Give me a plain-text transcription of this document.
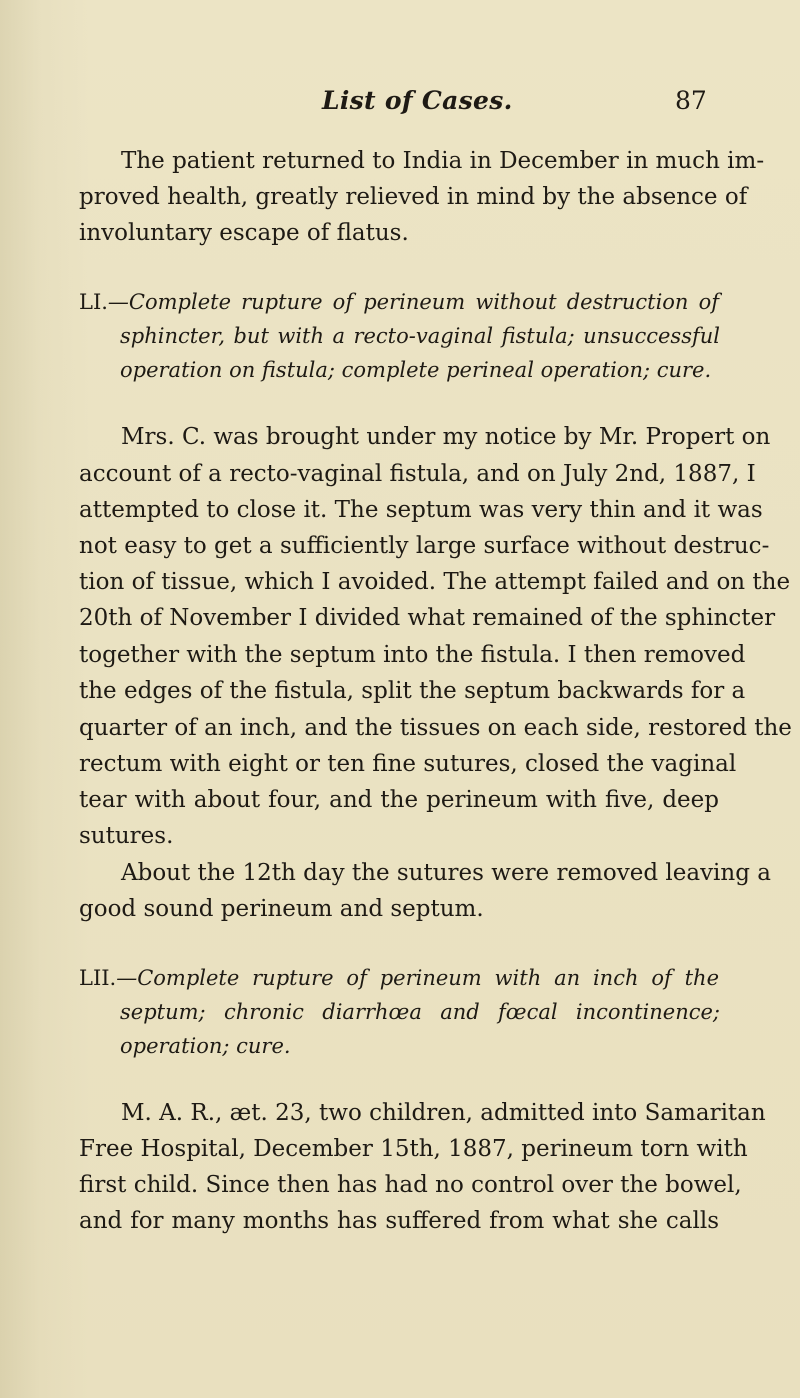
List of Cases.	87
The patient returned to India in December in much im-
proved health, greatly relieved in mind by the absence of
involuntary escape of flatus.
LI.—Complete rupture of perineum without destruction of
sphincter, but with a recto-vaginal fistula; unsuccessful
operation on fistula; complete perineal operation; cure.
Mrs. C. was brought under my notice by Mr. Propert on
account of a recto-vaginal fistula, and on July 2nd, 1887, I
attempted to close it. The septum was very thin and it was
not easy to get a sufficiently large surface without destruc-
tion of tissue, which I avoided. The attempt failed and on the
20th of November I divided what remained of the sphincter
together with the septum into the fistula. I then removed
the edges of the fistula, split the septum backwards for a
quarter of an inch, and the tissues on each side, restored the
rectum with eight or ten fine sutures, closed the vaginal
tear with about four, and the perineum with five, deep
sutures.
About the 12th day the sutures were removed leaving a
good sound perineum and septum.
LII.—Complete rupture of perineum with an inch of the
septum; chronic diarrhœa and fœcal incontinence;
operation; cure.
M. A. R., æt. 23, two children, admitted into Samaritan
Free Hospital, December 15th, 1887, perineum torn with
first child. Since then has had no control over the bowel,
and for many months has suffered from what she calls
